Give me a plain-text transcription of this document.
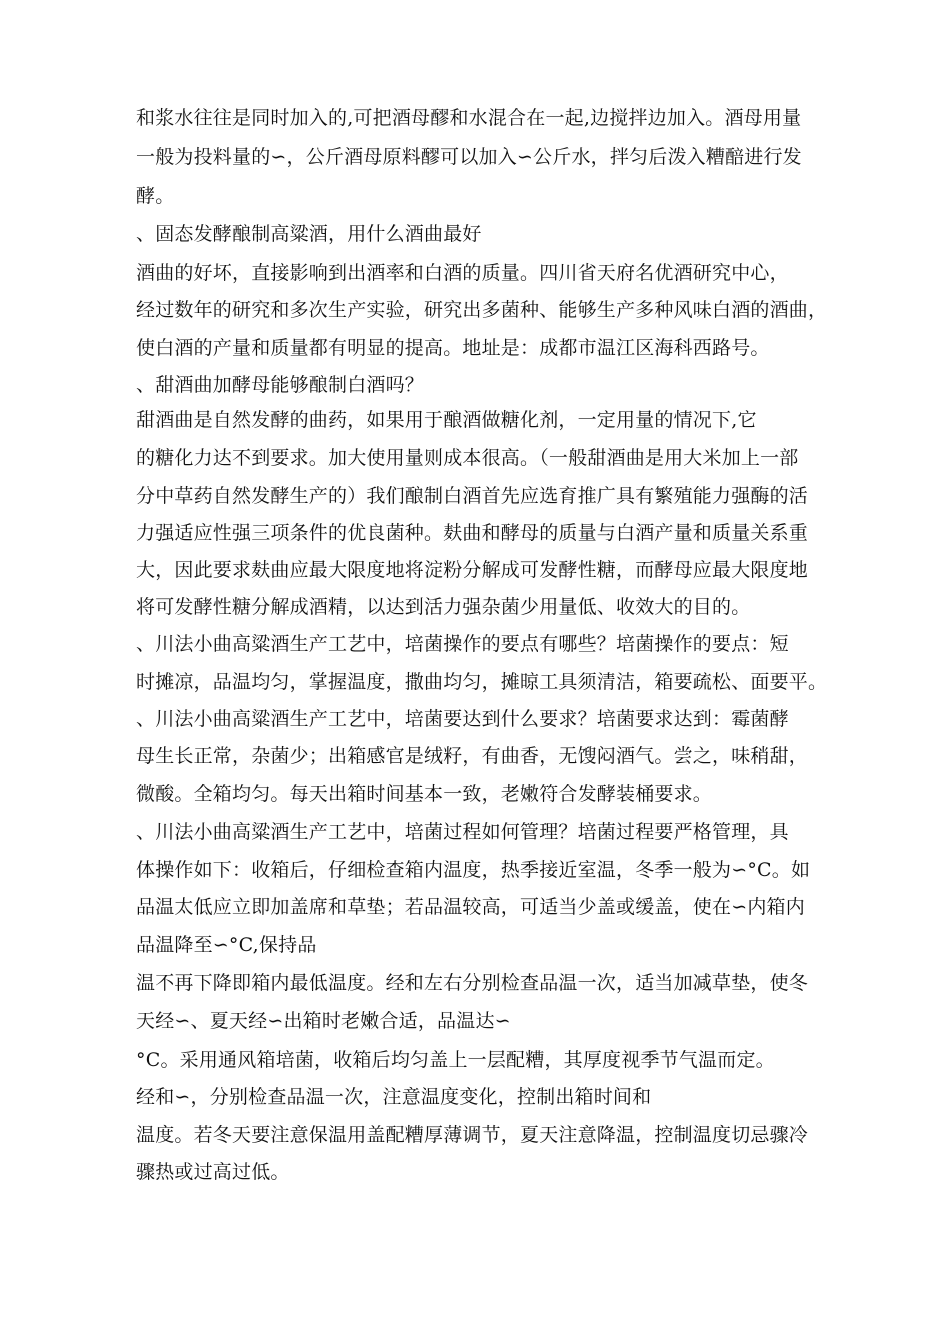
和浆水往往是同时加入的,可把酒母醪和水混合在一起,边搅拌边加入。酒母用量
一般为投料量的∽，公斤酒母原料醪可以加入∽公斤水，拌匀后泼入糟醅进行发
酵。
、固态发酵酿制高粱酒，用什么酒曲最好
酒曲的好坏，直接影响到出酒率和白酒的质量。四川省天府名优酒研究中心，
经过数年的研究和多次生产实验，研究出多菌种、能够生产多种风味白酒的酒曲，
使白酒的产量和质量都有明显的提高。地址是：成都市温江区海科西路号。
、甜酒曲加酵母能够酿制白酒吗？
甜酒曲是自然发酵的曲药，如果用于酿酒做糖化剂，一定用量的情况下,它
的糖化力达不到要求。加大使用量则成本很高。（一般甜酒曲是用大米加上一部
分中草药自然发酵生产的）我们酿制白酒首先应选育推广具有繁殖能力强酶的活
力强适应性强三项条件的优良菌种。麸曲和酵母的质量与白酒产量和质量关系重
大，因此要求麸曲应最大限度地将淀粉分解成可发酵性糖，而酵母应最大限度地
将可发酵性糖分解成酒精，以达到活力强杂菌少用量低、收效大的目的。
、川法小曲高粱酒生产工艺中，培菌操作的要点有哪些？培菌操作的要点：短
时摊凉，品温均匀，掌握温度，撒曲均匀，摊晾工具须清洁，箱要疏松、面要平。
、川法小曲高粱酒生产工艺中，培菌要达到什么要求？培菌要求达到：霉菌酵
母生长正常，杂菌少；出箱感官是绒籽，有曲香，无馊闷酒气。尝之，味稍甜，
微酸。全箱均匀。每天出箱时间基本一致，老嫩符合发酵装桶要求。
、川法小曲高粱酒生产工艺中，培菌过程如何管理？培菌过程要严格管理，具
体操作如下：收箱后，仔细检查箱内温度，热季接近室温，冬季一般为∽°C。如
品温太低应立即加盖席和草垫；若品温较高，可适当少盖或缓盖，使在∽内箱内
品温降至∽°C,保持品
温不再下降即箱内最低温度。经和左右分别检查品温一次，适当加减草垫，使冬
天经∽、夏天经∽出箱时老嫩合适，品温达∽
°C。采用通风箱培菌，收箱后均匀盖上一层配糟，其厚度视季节气温而定。
经和∽，分别检查品温一次，注意温度变化，控制出箱时间和
温度。若冬天要注意保温用盖配糟厚薄调节，夏天注意降温，控制温度切忌骤冷
骤热或过高过低。
